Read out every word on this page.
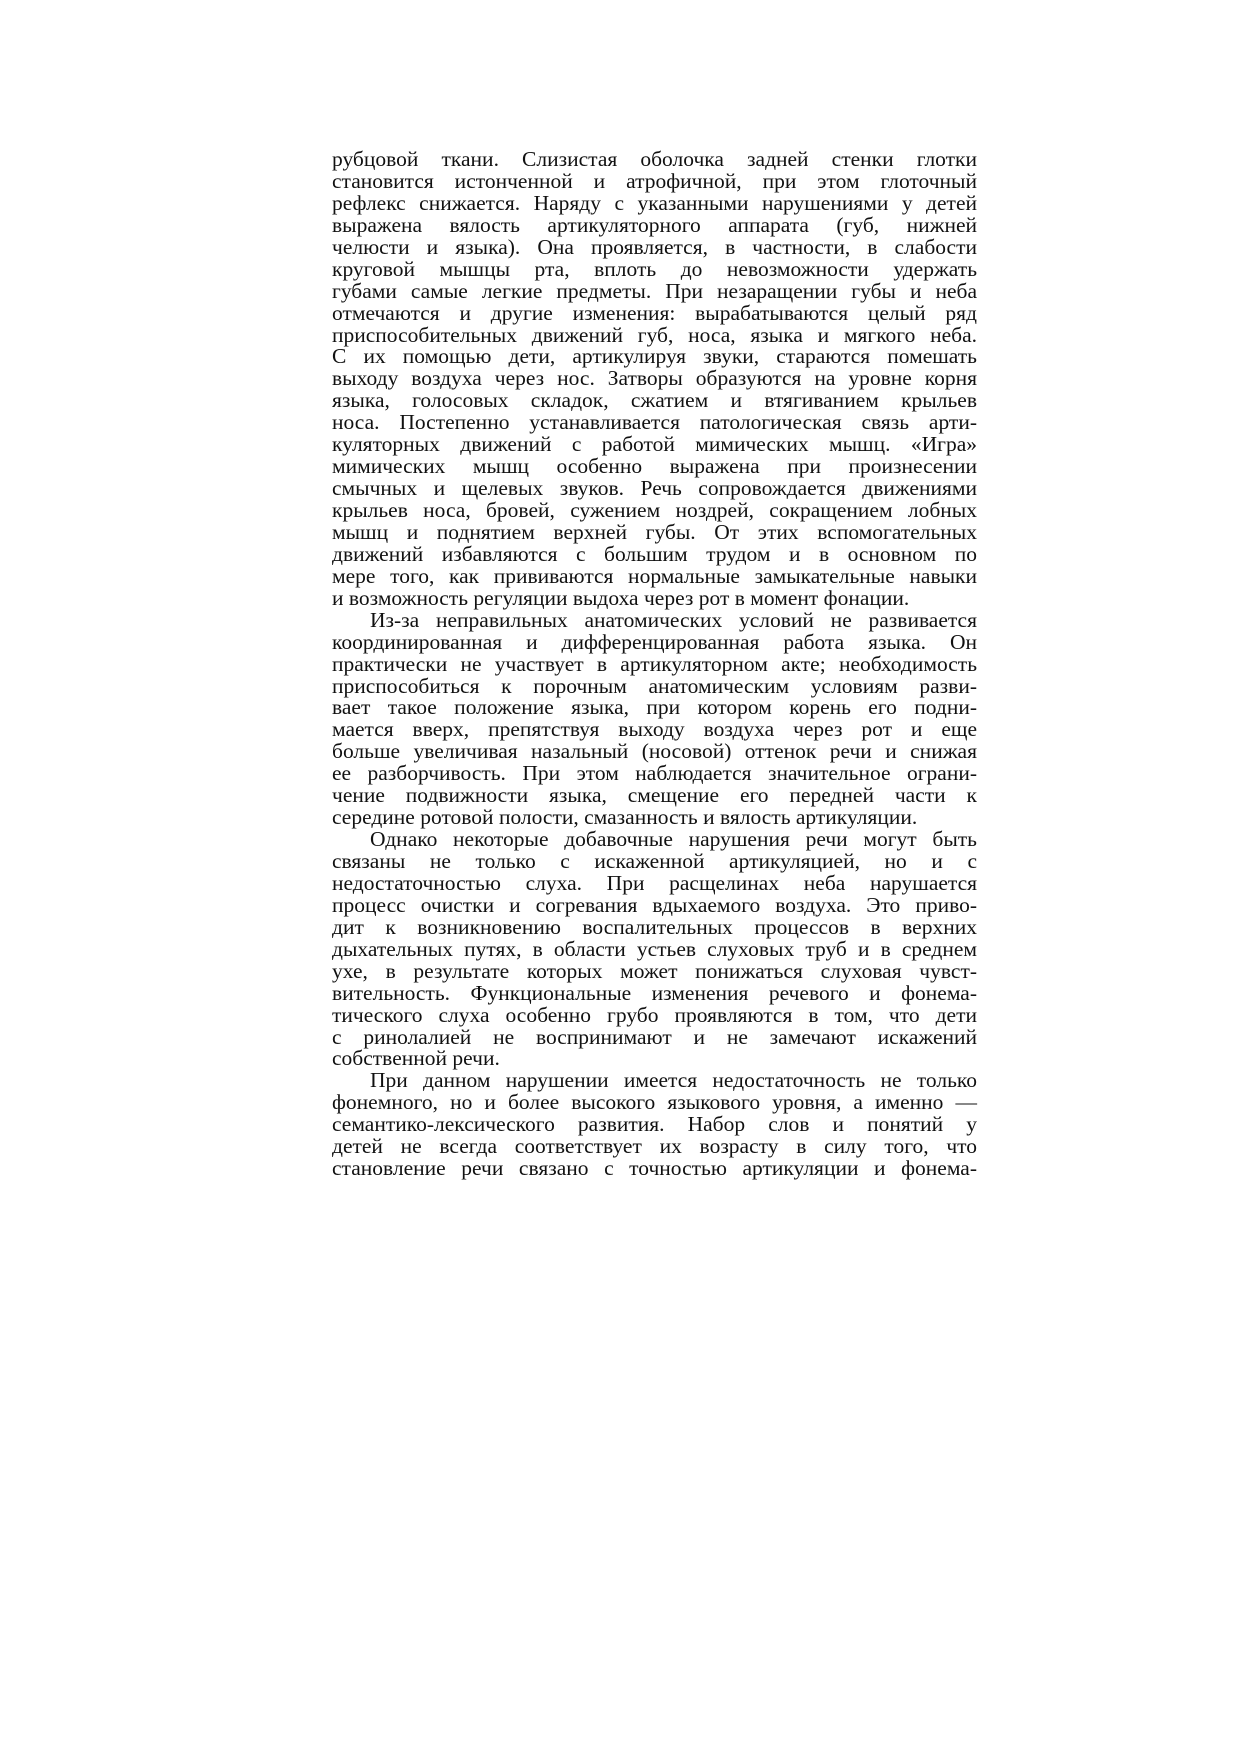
рубцовой ткани. Слизистая оболочка задней стенки глотки
становится истонченной и атрофичной, при этом глоточный
рефлекс снижается. Наряду с указанными нарушениями у детей
выражена вялость артикуляторного аппарата (губ, нижней
челюсти и языка). Она проявляется, в частности, в слабости
круговой мышцы рта, вплоть до невозможности удержать
губами самые легкие предметы. При незаращении губы и неба
отмечаются и другие изменения: вырабатываются целый ряд
приспособительных движений губ, носа, языка и мягкого неба.
С их помощью дети, артикулируя звуки, стараются помешать
выходу воздуха через нос. Затворы образуются на уровне корня
языка, голосовых складок, сжатием и втягиванием крыльев
носа. Постепенно устанавливается патологическая связь арти-
куляторных движений с работой мимических мышц. «Игра»
мимических мышц особенно выражена при произнесении
смычных и щелевых звуков. Речь сопровождается движениями
крыльев носа, бровей, сужением ноздрей, сокращением лобных
мышц и поднятием верхней губы. От этих вспомогательных
движений избавляются с большим трудом и в основном по
мере того, как прививаются нормальные замыкательные навыки
и возможность регуляции выдоха через рот в момент фонации.
Из-за неправильных анатомических условий не развивается
координированная и дифференцированная работа языка. Он
практически не участвует в артикуляторном акте; необходимость
приспособиться к порочным анатомическим условиям разви-
вает такое положение языка, при котором корень его подни-
мается вверх, препятствуя выходу воздуха через рот и еще
больше увеличивая назальный (носовой) оттенок речи и снижая
ее разборчивость. При этом наблюдается значительное ограни-
чение подвижности языка, смещение его передней части к
середине ротовой полости, смазанность и вялость артикуляции.
Однако некоторые добавочные нарушения речи могут быть
связаны не только с искаженной артикуляцией, но и с
недостаточностью слуха. При расщелинах неба нарушается
процесс очистки и согревания вдыхаемого воздуха. Это приво-
дит к возникновению воспалительных процессов в верхних
дыхательных путях, в области устьев слуховых труб и в среднем
ухе, в результате которых может понижаться слуховая чувст-
вительность. Функциональные изменения речевого и фонема-
тического слуха особенно грубо проявляются в том, что дети
с ринолалией не воспринимают и не замечают искажений
собственной речи.
При данном нарушении имеется недостаточность не только
фонемного, но и более высокого языкового уровня, а именно —
семантико-лексического развития. Набор слов и понятий у
детей не всегда соответствует их возрасту в силу того, что
становление речи связано с точностью артикуляции и фонема-
